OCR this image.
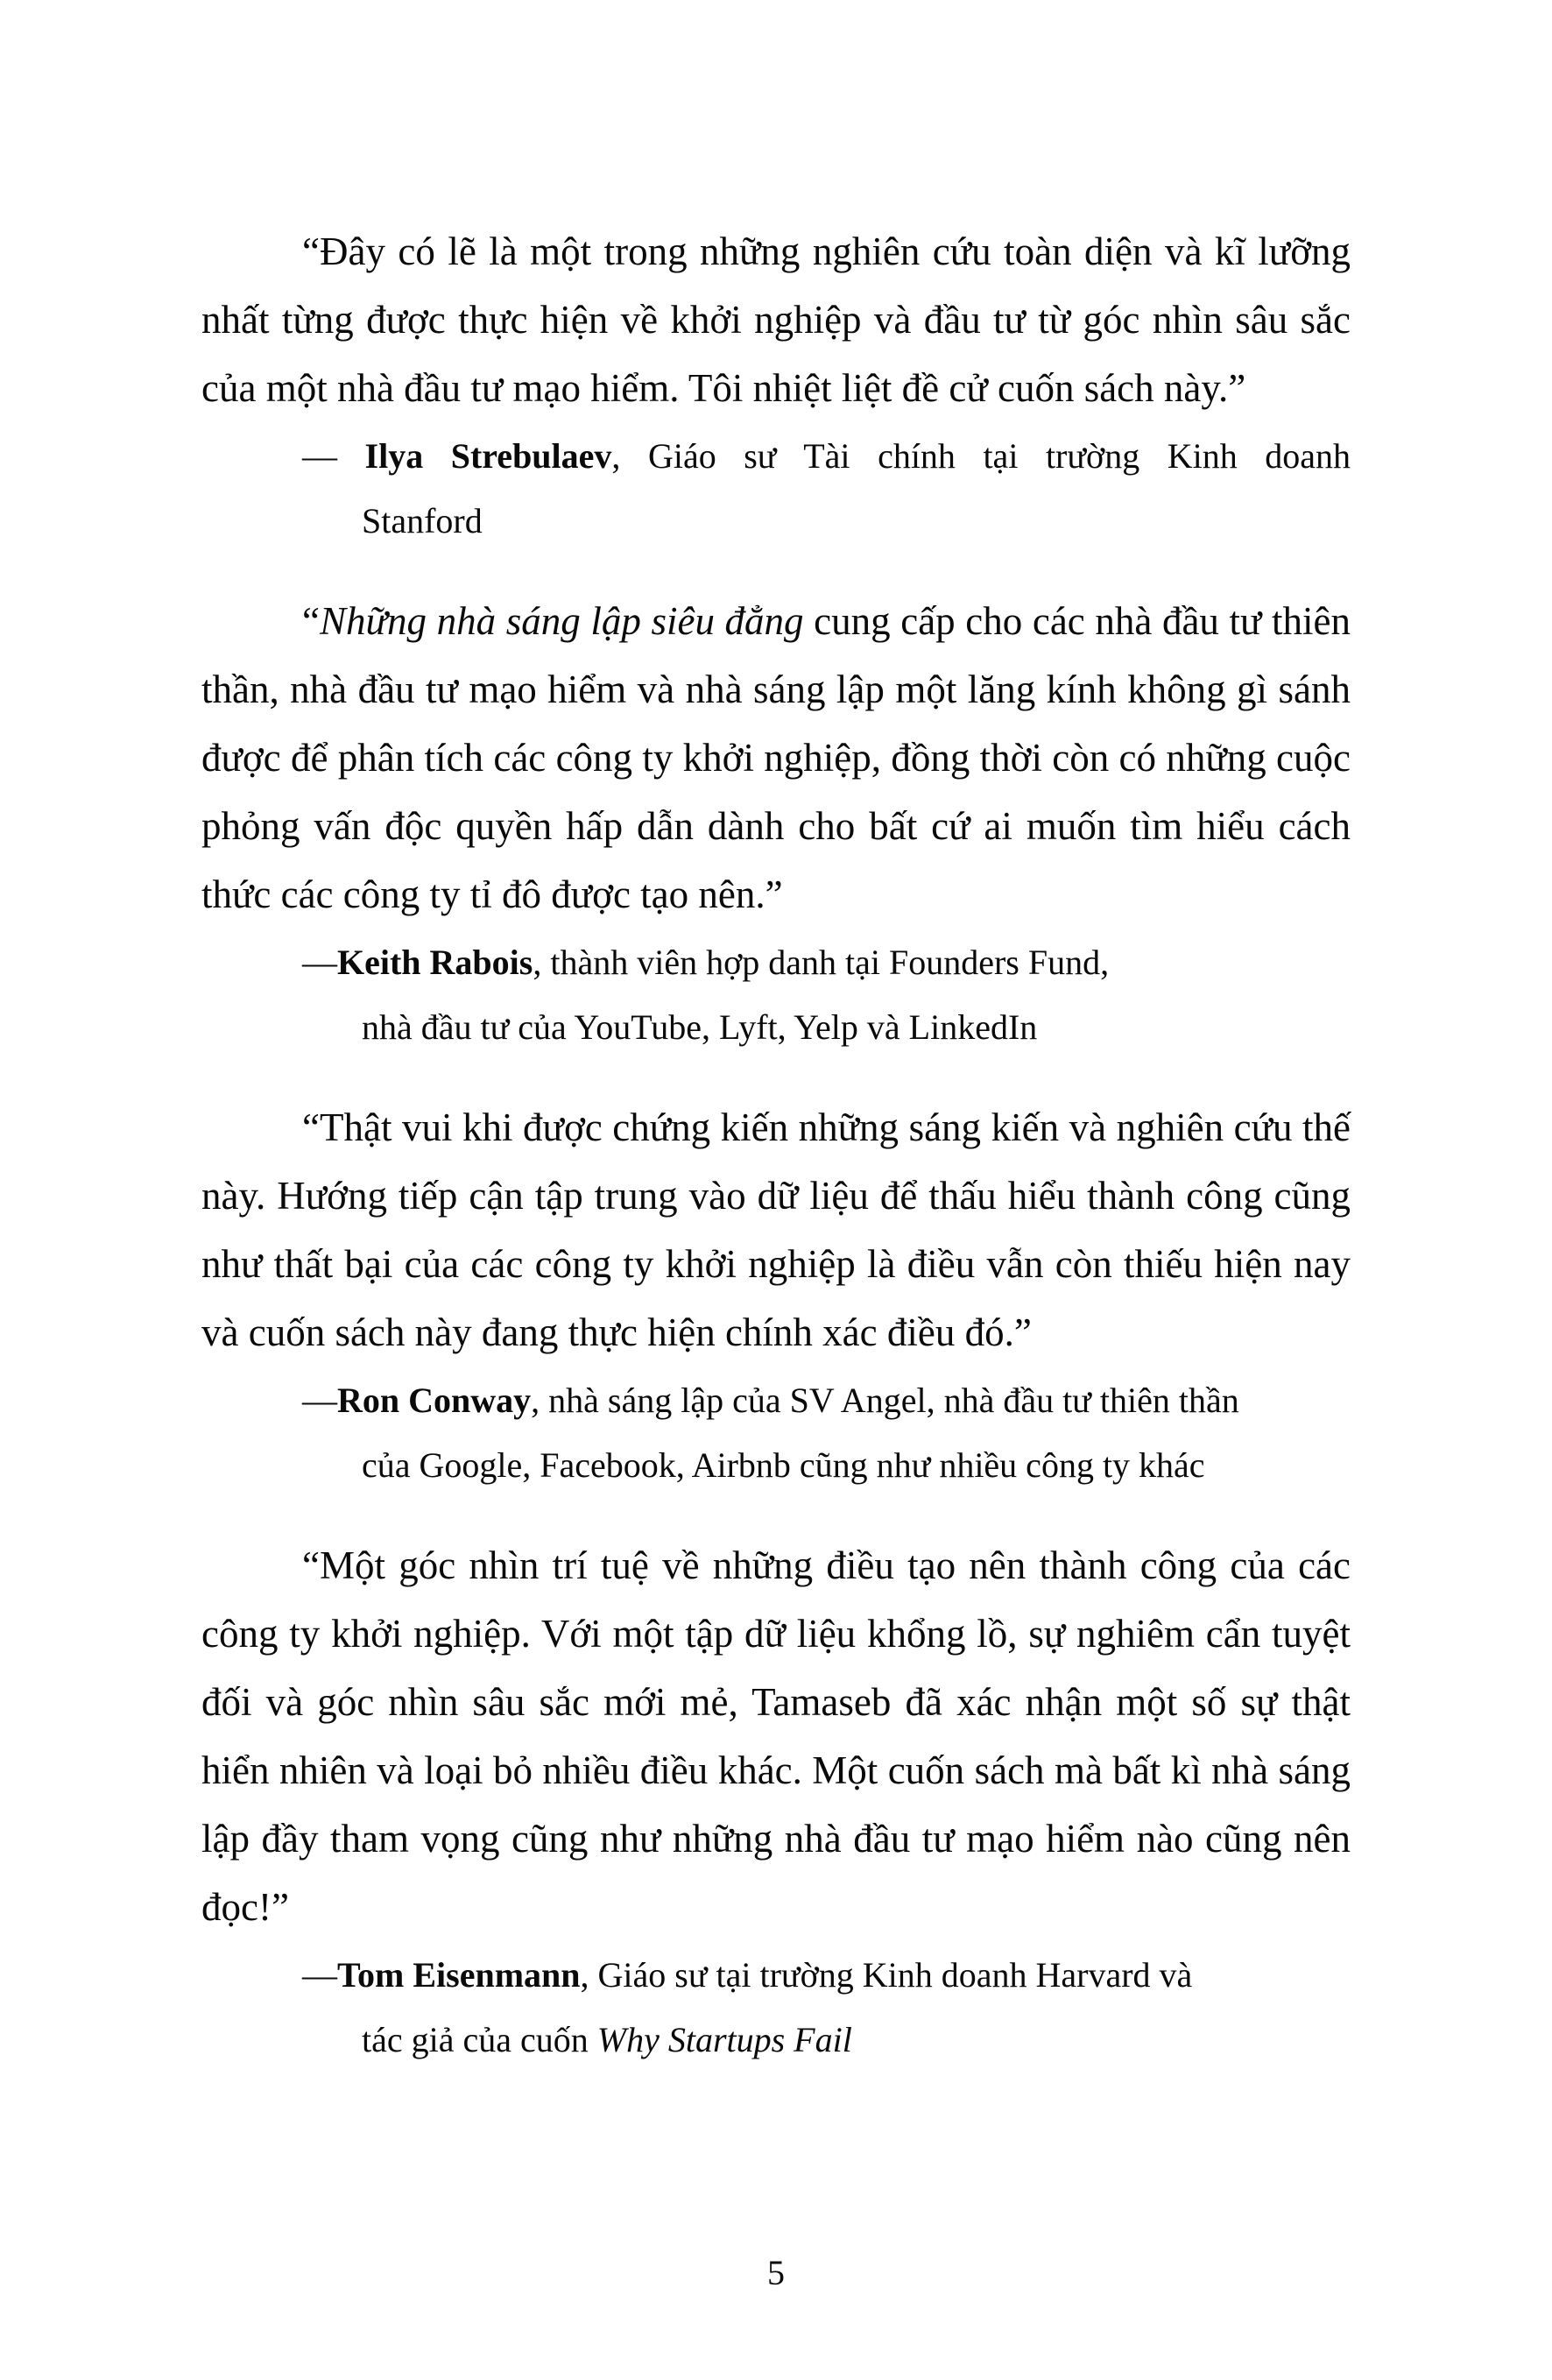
“Đây có lẽ là một trong những nghiên cứu toàn diện và kĩ lưỡng nhất từng được thực hiện về khởi nghiệp và đầu tư từ góc nhìn sâu sắc của một nhà đầu tư mạo hiểm. Tôi nhiệt liệt đề cử cuốn sách này.”

— Ilya Strebulaev, Giáo sư Tài chính tại trường Kinh doanh
Stanford

“Những nhà sáng lập siêu đẳng cung cấp cho các nhà đầu tư thiên thần, nhà đầu tư mạo hiểm và nhà sáng lập một lăng kính không gì sánh được để phân tích các công ty khởi nghiệp, đồng thời còn có những cuộc phỏng vấn độc quyền hấp dẫn dành cho bất cứ ai muốn tìm hiểu cách thức các công ty tỉ đô được tạo nên.”

—Keith Rabois, thành viên hợp danh tại Founders Fund,
nhà đầu tư của YouTube, Lyft, Yelp và LinkedIn

“Thật vui khi được chứng kiến những sáng kiến và nghiên cứu thế này. Hướng tiếp cận tập trung vào dữ liệu để thấu hiểu thành công cũng như thất bại của các công ty khởi nghiệp là điều vẫn còn thiếu hiện nay và cuốn sách này đang thực hiện chính xác điều đó.”

—Ron Conway, nhà sáng lập của SV Angel, nhà đầu tư thiên thần
của Google, Facebook, Airbnb cũng như nhiều công ty khác

“Một góc nhìn trí tuệ về những điều tạo nên thành công của các công ty khởi nghiệp. Với một tập dữ liệu khổng lồ, sự nghiêm cẩn tuyệt đối và góc nhìn sâu sắc mới mẻ, Tamaseb đã xác nhận một số sự thật hiển nhiên và loại bỏ nhiều điều khác. Một cuốn sách mà bất kì nhà sáng lập đầy tham vọng cũng như những nhà đầu tư mạo hiểm nào cũng nên đọc!”

—Tom Eisenmann, Giáo sư tại trường Kinh doanh Harvard và
tác giả của cuốn Why Startups Fail
5
